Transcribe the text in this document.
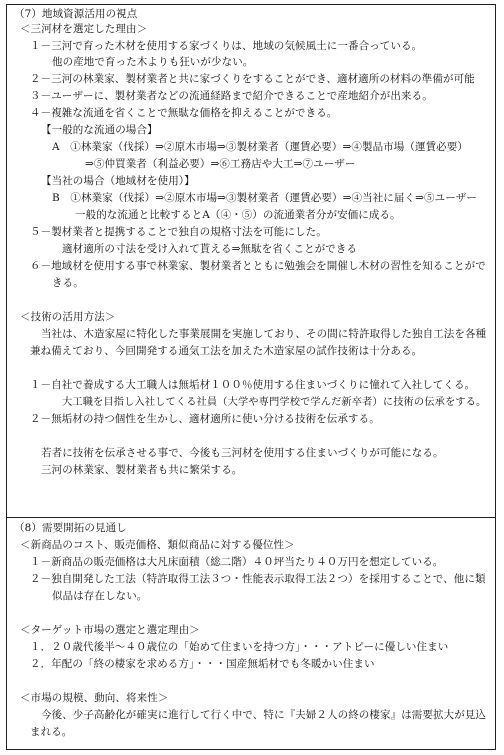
（7）地域資源活用の視点
＜三河材を選定した理由＞
１－三河で育った木材を使用する家づくりは、地域の気候風土に一番合っている。
他の産地で育った木よりも狂いが少ない。
２－三河の林業家、製材業者と共に家づくりをすることができ、適材適所の材料の準備が可能
３－ユーザーに、製材業者などの流通経路まで紹介できることで産地紹介が出来る。
４－複雑な流通を省くことで無駄な価格を抑えることができる。
【一般的な流通の場合】
A　①林業家（伐採）⇒②原木市場⇒③製材業者（運賃必要）⇒④製品市場（運賃必要）
⇒⑤仲買業者（利益必要）⇒⑥工務店や大工⇒⑦ユーザー
【当社の場合（地域材を使用）】
B　①林業家（伐採）⇒②原木市場⇒③製材業者（運賃必要）⇒④当社に届く⇒⑤ユーザー
一般的な流通と比較するとA（④・⑤）の流通業者分が安価に成る。
５－製材業者と提携することで独自の規格寸法を可能にした。
適材適所の寸法を受け入れて貰える⇒無駄を省くことができる
６－地域材を使用する事で林業家、製材業者とともに勉強会を開催し木材の習性を知ることがで
きる。
＜技術の活用方法＞
当社は、木造家屋に特化した事業展開を実施しており、その間に特許取得した独自工法を各種
兼ね備えており、今回開発する通気工法を加えた木造家屋の試作技術は十分ある。
１－自社で養成する大工職人は無垢材１００％使用する住まいづくりに憧れて入社してくる。
大工職を目指し入社してくる社員（大学や専門学校で学んだ新卒者）に技術の伝承をする。
２－無垢材の持つ個性を生かし、適材適所に使い分ける技術を伝承する。
若者に技術を伝承させる事で、今後も三河材を使用する住まいづくりが可能になる。
三河の林業家、製材業者も共に繁栄する。
（8）需要開拓の見通し
＜新商品のコスト、販売価格、類似商品に対する優位性＞
１－新商品の販売価格は大凡床面積（総二階）４０坪当たり４０万円を想定している。
２－独自開発した工法（特許取得工法３つ・性能表示取得工法２つ）を採用することで、他に類
似品は存在しない。
＜ターゲット市場の選定と選定理由＞
１．２０歳代後半～４０歳位の「始めて住まいを持つ方」・・・アトピーに優しい住まい
２．年配の「終の棲家を求める方」・・・国産無垢材でも冬暖かい住まい
＜市場の規模、動向、将来性＞
今後、少子高齢化が確実に進行して行く中で、特に『夫婦２人の終の棲家』は需要拡大が見込
まれる。
